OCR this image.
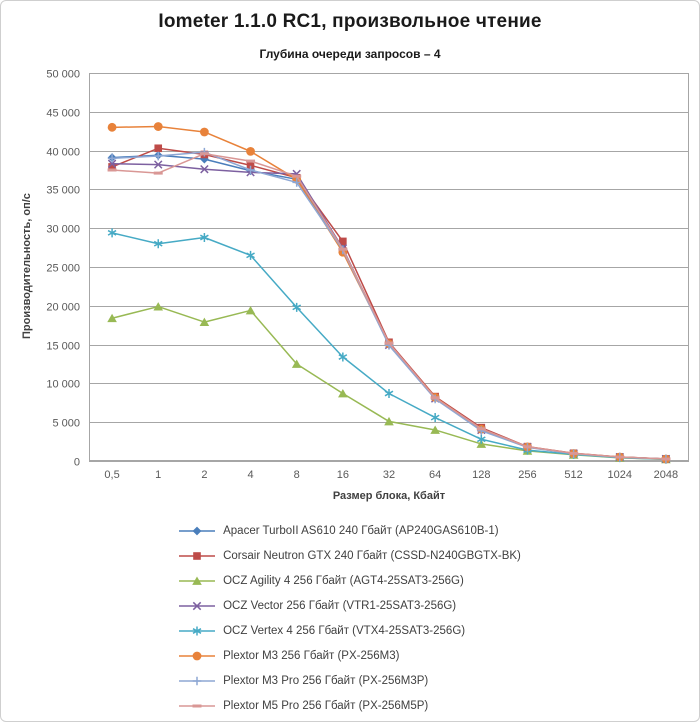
Iometer 1.1.0 RC1, произвольное чтение
Глубина очереди запросов – 4
0
5 000
10 000
15 000
20 000
25 000
30 000
35 000
40 000
45 000
50 000
0,5	1	2	4	8	16	32	64	128	256	512 1024 2048
Производительность, оп/с
Размер блока, Кбайт
Apacer TurboII AS610 240 Гбайт (AP240GAS610B-1)
Corsair Neutron GTX 240 Гбайт (CSSD-N240GBGTX-BK)
OCZ Agility 4 256 Гбайт (AGT4-25SAT3-256G)
OCZ Vector 256 Гбайт (VTR1-25SAT3-256G)
OCZ Vertex 4 256 Гбайт (VTX4-25SAT3-256G)
Plextor M3 256 Гбайт (PX-256M3)
Plextor M3 Pro 256 Гбайт (PX-256M3P)
Plextor M5 Pro 256 Гбайт (PX-256M5P)
